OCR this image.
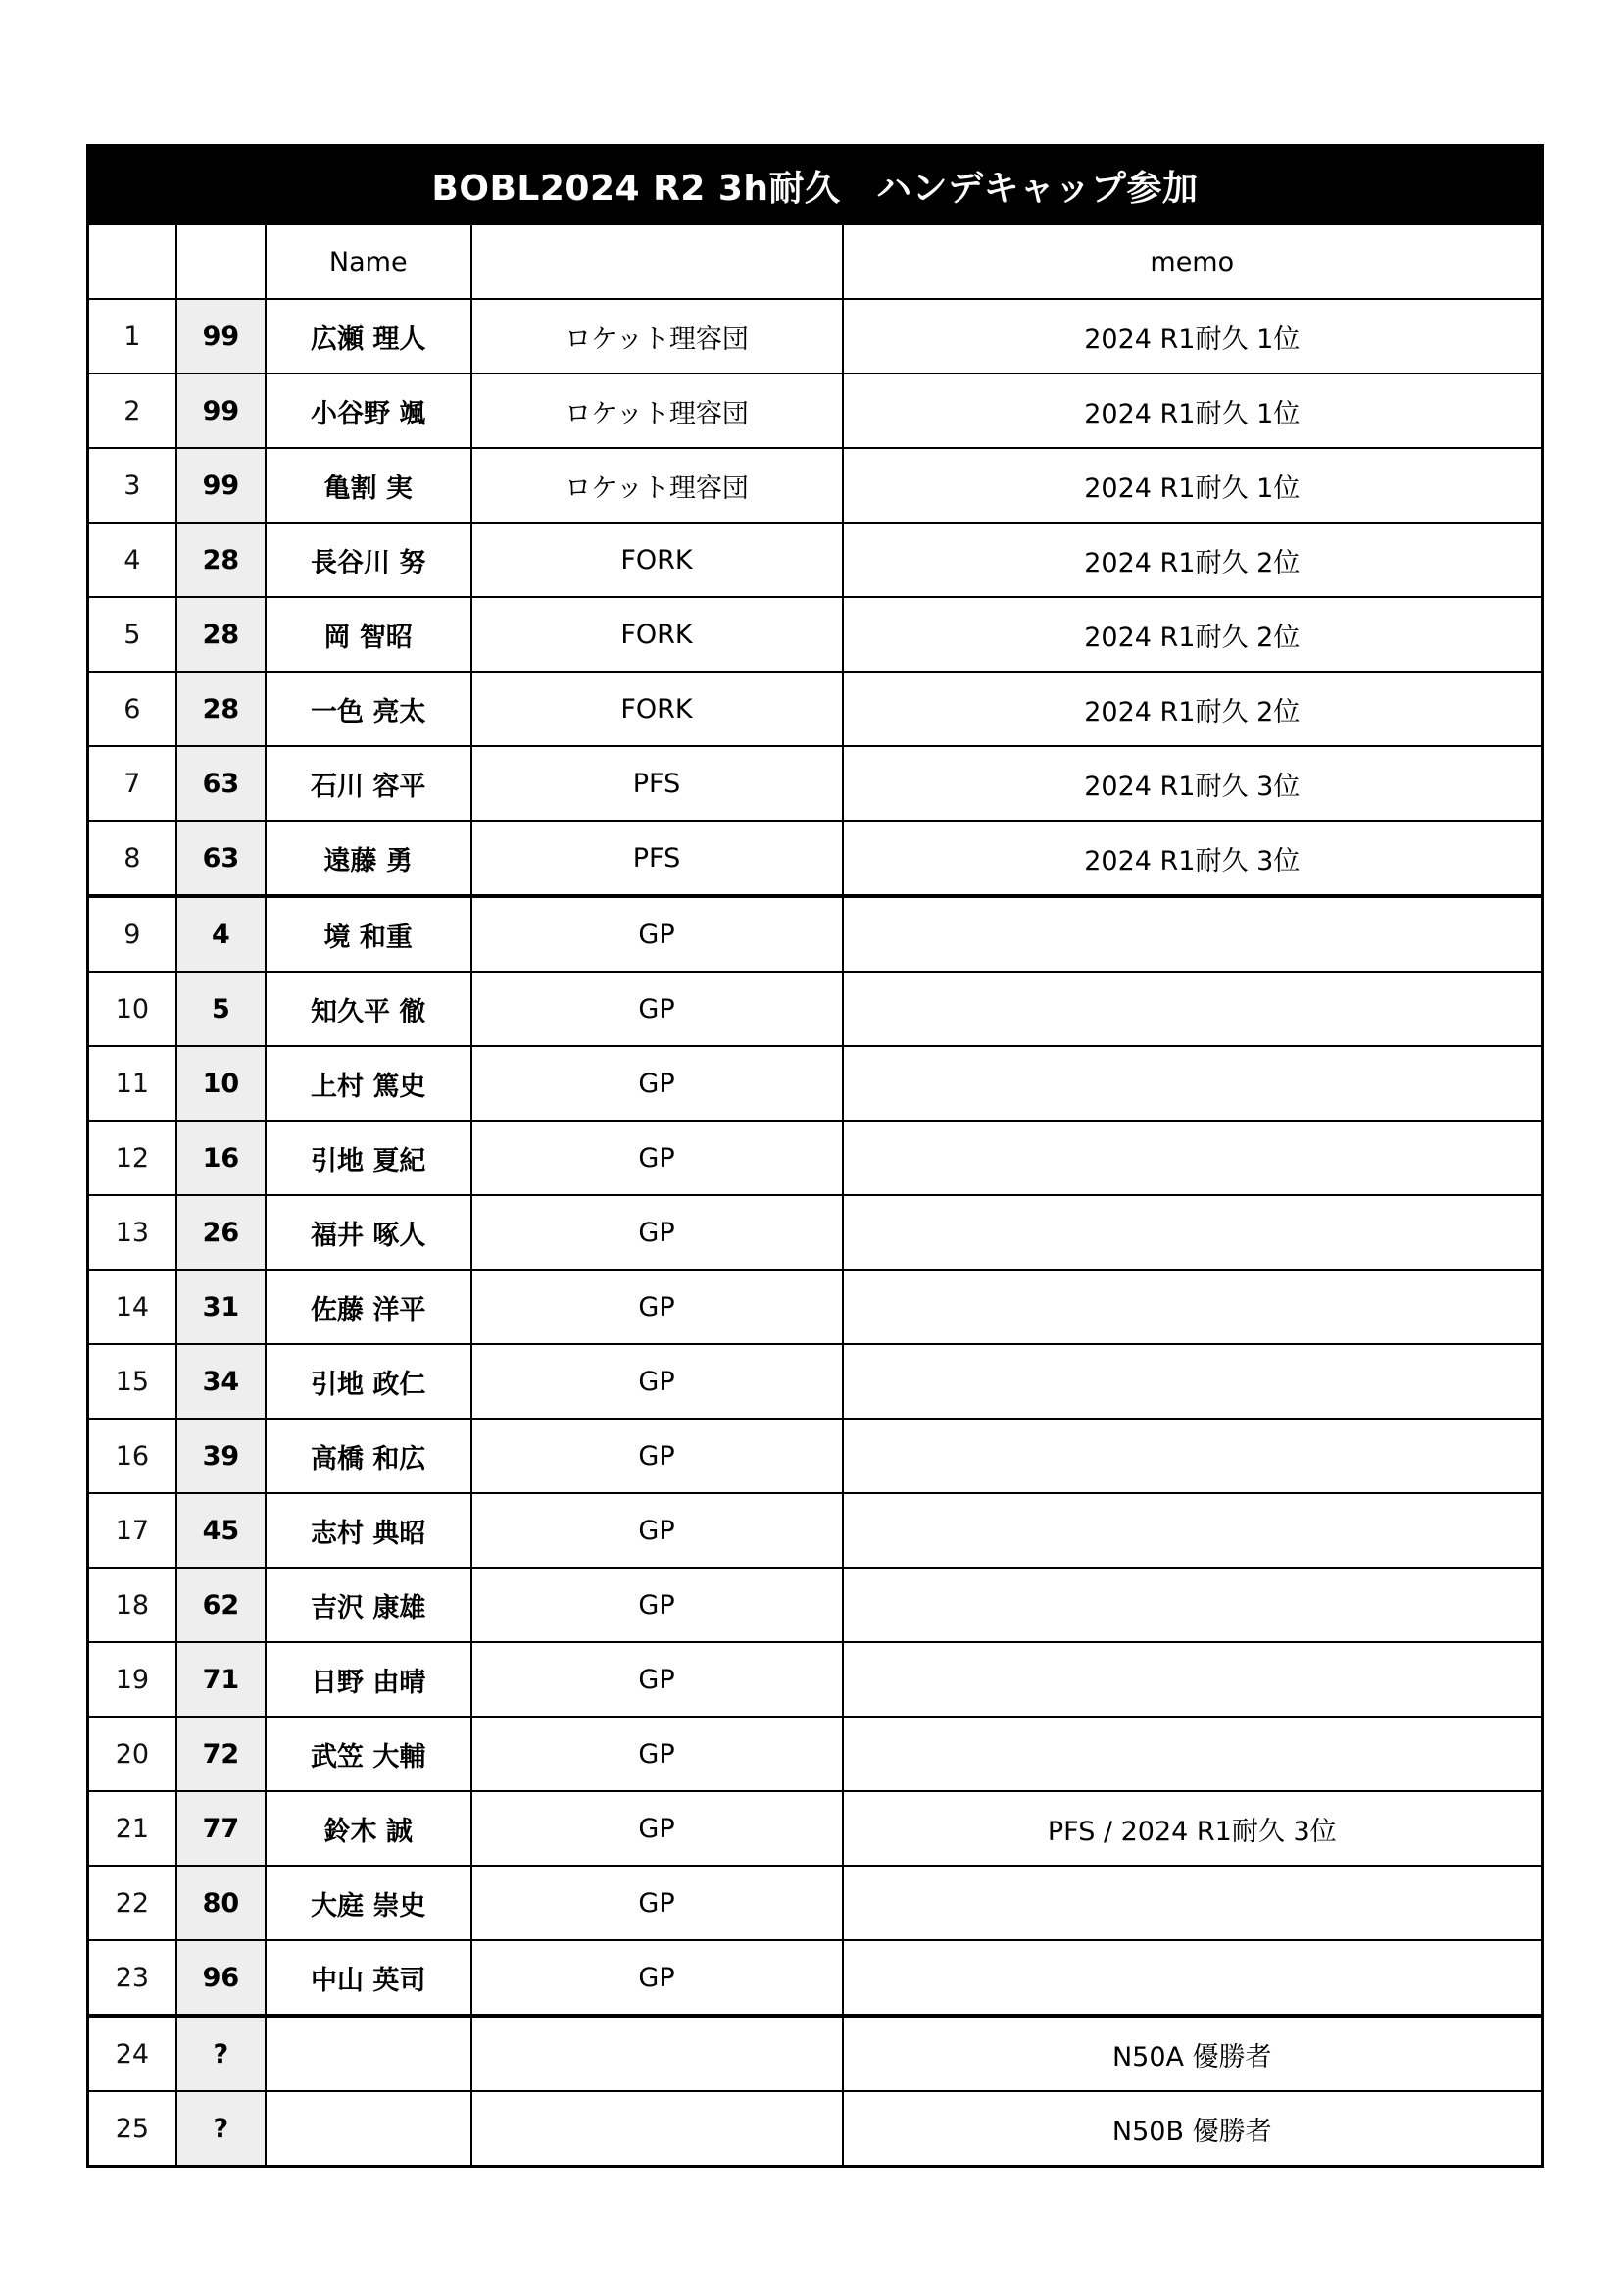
BOBL2024 R2 3h耐久　ハンデキャップ参加				
		Name		memo
1	99	広瀬 理人	ロケット理容団	2024 R1耐久 1位
2	99	小谷野 颯	ロケット理容団	2024 R1耐久 1位
3	99	亀割 実	ロケット理容団	2024 R1耐久 1位
4	28	長谷川 努	FORK	2024 R1耐久 2位
5	28	岡 智昭	FORK	2024 R1耐久 2位
6	28	一色 亮太	FORK	2024 R1耐久 2位
7	63	石川 容平	PFS	2024 R1耐久 3位
8	63	遠藤 勇	PFS	2024 R1耐久 3位
9	4	境 和重	GP	
10	5	知久平 徹	GP	
11	10	上村 篤史	GP	
12	16	引地 夏紀	GP	
13	26	福井 啄人	GP	
14	31	佐藤 洋平	GP	
15	34	引地 政仁	GP	
16	39	高橋 和広	GP	
17	45	志村 典昭	GP	
18	62	吉沢 康雄	GP	
19	71	日野 由晴	GP	
20	72	武笠 大輔	GP	
21	77	鈴木 誠	GP	PFS / 2024 R1耐久 3位
22	80	大庭 崇史	GP	
23	96	中山 英司	GP	
24	?			N50A 優勝者
25	?			N50B 優勝者
